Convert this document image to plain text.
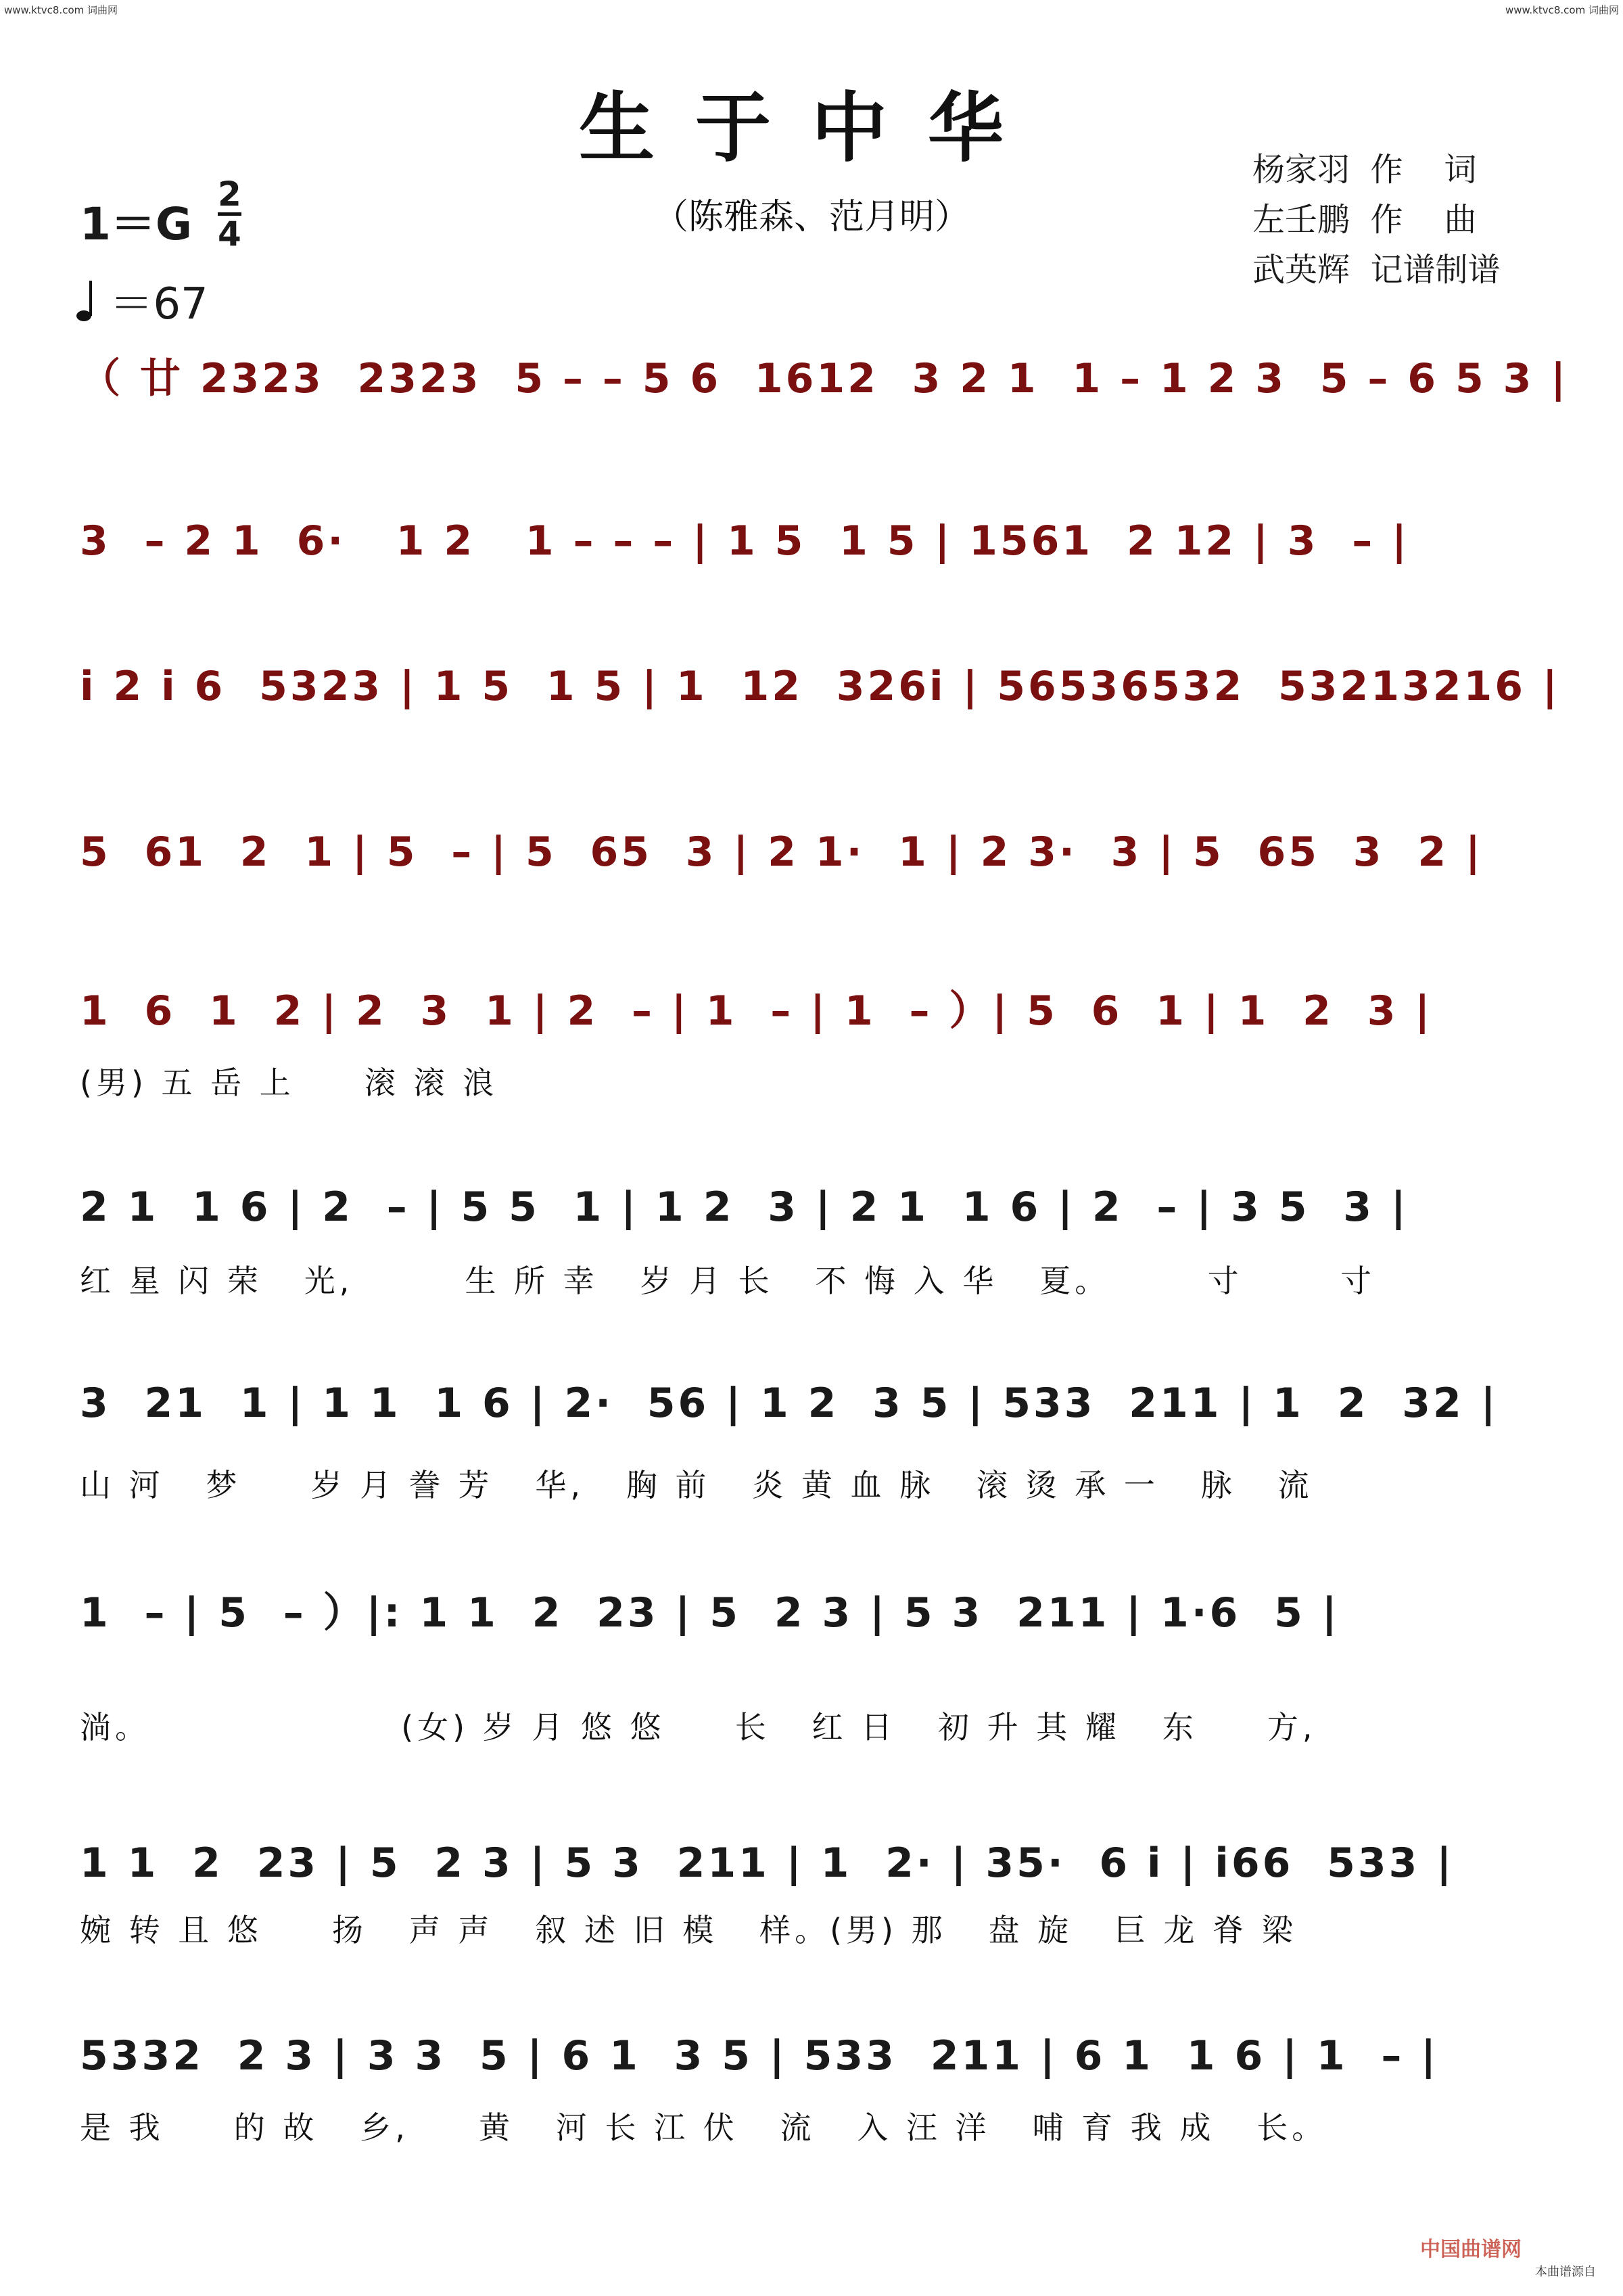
www.ktvc8.com 词曲网	www.ktvc8.com 词曲网
生于中华
（陈雅森、范月明）
1＝G
2
4
＝67
杨家羽  作    词
左壬鹏  作    曲
武英辉  记谱制谱
（ 廿 2323  2323  5 – – 5 6  1612  3 2 1  1 – 1 2 3  5 – 6 5 3 |
3  – 2 1  6·   1 2   1 – – – | 1 5  1 5 | 1561  2 12 | 3  – |
i 2 i 6  5323 | 1 5  1 5 | 1  12  326i | 56536532  53213216 |
5  61  2  1 | 5  – | 5  65  3 | 2 1·  1 | 2 3·  3 | 5  65  3  2 |
1  6  1  2 | 2  3  1 | 2  – | 1  – | 1  – ）| 5  6  1 | 1  2  3 |
(男) 五 岳 上     滚 滚 浪
2 1  1 6 | 2  – | 5 5  1 | 1 2  3 | 2 1  1 6 | 2  – | 3 5  3 |
红 星 闪 荣   光,        生 所 幸   岁 月 长   不 悔 入 华   夏。       寸       寸
3  21  1 | 1 1  1 6 | 2·  56 | 1 2  3 5 | 533  211 | 1  2  32 |
山 河   梦     岁 月 誊 芳   华,   胸 前   炎 黄 血 脉   滚 烫 承 一   脉   流
1  – | 5  – ）|: 1 1  2  23 | 5  2 3 | 5 3  211 | 1·6  5 |
淌。                  (女) 岁 月 悠 悠     长   红 日   初 升 其 耀   东     方,
1 1  2  23 | 5  2 3 | 5 3  211 | 1  2· | 35·  6 i | i66  533 |
婉 转 且 悠     扬   声 声   叙 述 旧 模   样。(男) 那   盘 旋   巨 龙 脊 梁
5332  2 3 | 3 3  5 | 6 1  3 5 | 533  211 | 6 1  1 6 | 1  – |
是 我     的 故   乡,     黄   河 长 江 伏   流   入 汪 洋   哺 育 我 成   长。
中国曲谱网
本曲谱源自
